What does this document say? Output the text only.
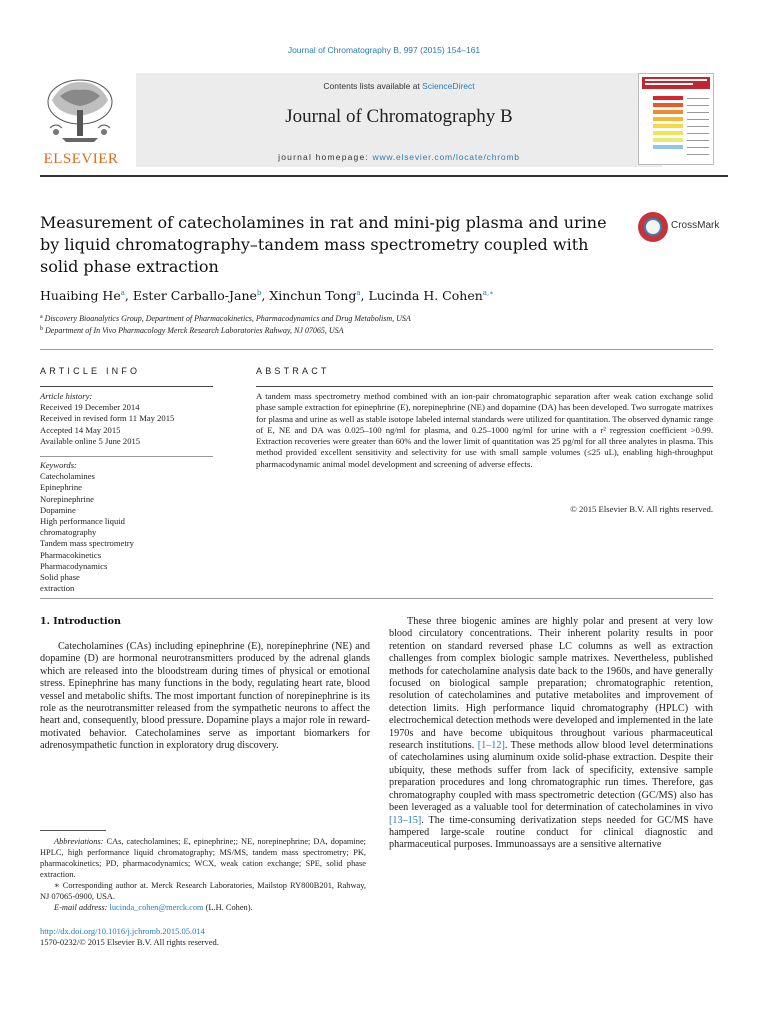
Journal of Chromatography B, 997 (2015) 154–161
ELSEVIER
Contents lists available at ScienceDirect
Journal of Chromatography B
journal homepage: www.elsevier.com/locate/chromb
Measurement of catecholamines in rat and mini-pig plasma and urine by liquid chromatography–tandem mass spectrometry coupled with solid phase extraction
CrossMark
Huaibing He$^a$, Ester Carballo-Jane$^b$, Xinchun Tong$^a$, Lucinda H. Cohen$^{a,∗}$
$^a$ Discovery Bioanalytics Group, Department of Pharmacokinetics, Pharmacodynamics and Drug Metabolism, USA
$^b$ Department of In Vivo Pharmacology Merck Research Laboratories Rahway, NJ 07065, USA
ARTICLE INFO	ABSTRACT
Article history:
Received 19 December 2014
Received in revised form 11 May 2015
Accepted 14 May 2015
Available online 5 June 2015
Keywords:
Catecholamines
Epinephrine
Norepinephrine
Dopamine
High performance liquid
chromatography
Tandem mass spectrometry
Pharmacokinetics
Pharmacodynamics
Solid phase
extraction
A tandem mass spectrometry method combined with an ion-pair chromatographic separation after weak cation exchange solid phase sample extraction for epinephrine (E), norepinephrine (NE) and dopamine (DA) has been developed. Two surrogate matrixes for plasma and urine as well as stable isotope labeled internal standards were utilized for quantitation. The observed dynamic range of E, NE and DA was 0.025–100 ng/ml for plasma, and 0.25–1000 ng/ml for urine with a r² regression coefficient >0.99. Extraction recoveries were greater than 60% and the lower limit of quantitation was 25 pg/ml for all three analytes in plasma. This method provided excellent sensitivity and selectivity for use with small sample volumes (≤25 uL), enabling high-throughput pharmacodynamic animal model development and screening of adverse effects.
© 2015 Elsevier B.V. All rights reserved.
1. Introduction
Catecholamines (CAs) including epinephrine (E), norepinephrine (NE) and dopamine (D) are hormonal neurotransmitters produced by the adrenal glands which are released into the bloodstream during times of physical or emotional stress. Epinephrine has many functions in the body, regulating heart rate, blood vessel and metabolic shifts. The most important function of norepinephrine is its role as the neurotransmitter released from the sympathetic neurons to affect the heart and, consequently, blood pressure. Dopamine plays a major role in reward-motivated behavior. Catecholamines serve as important biomarkers for adrenosympathetic function in exploratory drug discovery.
These three biogenic amines are highly polar and present at very low blood circulatory concentrations. Their inherent polarity results in poor retention on standard reversed phase LC columns as well as extraction challenges from complex biologic sample matrixes. Nevertheless, published methods for catecholamine analysis date back to the 1960s, and have generally focused on biological sample preparation; chromatographic retention, resolution of catecholamines and putative metabolites and improvement of detection limits. High performance liquid chromatography (HPLC) with electrochemical detection methods were developed and implemented in the late 1970s and have become ubiquitous throughout various pharmaceutical research institutions. [1–12]. These methods allow blood level determinations of catecholamines using aluminum oxide solid-phase extraction. Despite their ubiquity, these methods suffer from lack of specificity, extensive sample preparation procedures and long chromatographic run times. Therefore, gas chromatography coupled with mass spectrometric detection (GC/MS) also has been leveraged as a valuable tool for determination of catecholamines in vivo [13–15]. The time-consuming derivatization steps needed for GC/MS have hampered large-scale routine conduct for clinical diagnostic and pharmaceutical purposes. Immunoassays are a sensitive alternative
Abbreviations: CAs, catecholamines; E, epinephrine;; NE, norepinephrine; DA, dopamine; HPLC, high performance liquid chromatography; MS/MS, tandem mass spectrometry; PK, pharmacokinetics; PD, pharmacodynamics; WCX, weak cation exchange; SPE, solid phase extraction.
∗ Corresponding author at. Merck Research Laboratories, Mailstop RY800B201, Rahway, NJ 07065-0900, USA.
E-mail address: lucinda_cohen@merck.com (L.H. Cohen).
http://dx.doi.org/10.1016/j.jchromb.2015.05.014
1570-0232/© 2015 Elsevier B.V. All rights reserved.
